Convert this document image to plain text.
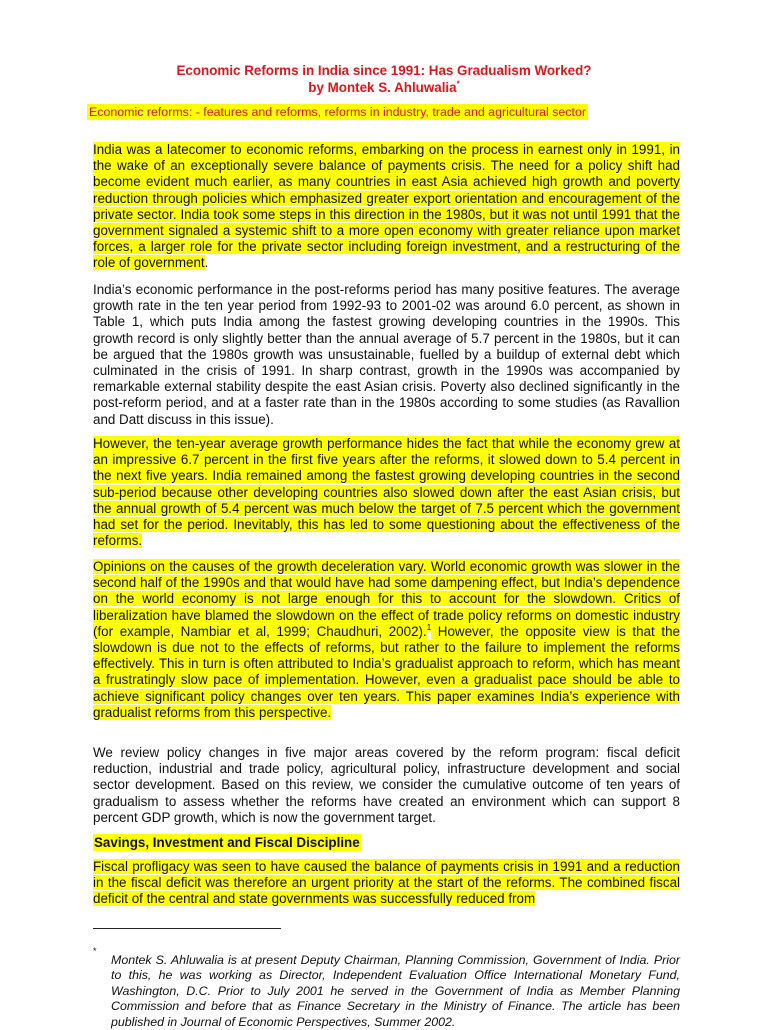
Economic Reforms in India since 1991: Has Gradualism Worked?
by Montek S. Ahluwalia*
Economic reforms: - features and reforms, reforms in industry, trade and agricultural sector

India was a latecomer to economic reforms, embarking on the process in earnest only in 1991, in the wake of an exceptionally severe balance of payments crisis. The need for a policy shift had become evident much earlier, as many countries in east Asia achieved high growth and poverty reduction through policies which emphasized greater export orientation and encouragement of the private sector. India took some steps in this direction in the 1980s, but it was not until 1991 that the government signaled a systemic shift to a more open economy with greater reliance upon market forces, a larger role for the private sector including foreign investment, and a restructuring of the role of government.

India’s economic performance in the post-reforms period has many positive features. The average growth rate in the ten year period from 1992-93 to 2001-02 was around 6.0 percent, as shown in Table 1, which puts India among the fastest growing developing countries in the 1990s. This growth record is only slightly better than the annual average of 5.7 percent in the 1980s, but it can be argued that the 1980s growth was unsustainable, fuelled by a buildup of external debt which culminated in the crisis of 1991. In sharp contrast, growth in the 1990s was accompanied by remarkable external stability despite the east Asian crisis. Poverty also declined significantly in the post-reform period, and at a faster rate than in the 1980s according to some studies (as Ravallion and Datt discuss in this issue).

However, the ten-year average growth performance hides the fact that while the economy grew at an impressive 6.7 percent in the first five years after the reforms, it slowed down to 5.4 percent in the next five years. India remained among the fastest growing developing countries in the second sub-period because other developing countries also slowed down after the east Asian crisis, but the annual growth of 5.4 percent was much below the target of 7.5 percent which the government had set for the period. Inevitably, this has led to some questioning about the effectiveness of the reforms.

Opinions on the causes of the growth deceleration vary. World economic growth was slower in the second half of the 1990s and that would have had some dampening effect, but India’s dependence on the world economy is not large enough for this to account for the slowdown. Critics of liberalization have blamed the slowdown on the effect of trade policy reforms on domestic industry (for example, Nambiar et al, 1999; Chaudhuri, 2002).$^1$ However, the opposite view is that the slowdown is due not to the effects of reforms, but rather to the failure to implement the reforms effectively. This in turn is often attributed to India’s gradualist approach to reform, which has meant a frustratingly slow pace of implementation. However, even a gradualist pace should be able to achieve significant policy changes over ten years. This paper examines India’s experience with gradualist reforms from this perspective.

We review policy changes in five major areas covered by the reform program: fiscal deficit reduction, industrial and trade policy, agricultural policy, infrastructure development and social sector development. Based on this review, we consider the cumulative outcome of ten years of gradualism to assess whether the reforms have created an environment which can support 8 percent GDP growth, which is now the government target.

Savings, Investment and Fiscal Discipline

Fiscal profligacy was seen to have caused the balance of payments crisis in 1991 and a reduction in the fiscal deficit was therefore an urgent priority at the start of the reforms. The combined fiscal deficit of the central and state governments was successfully reduced from

*

Montek S. Ahluwalia is at present Deputy Chairman, Planning Commission, Government of India. Prior to this, he was working as Director, Independent Evaluation Office International Monetary Fund, Washington, D.C. Prior to July 2001 he served in the Government of India as Member Planning Commission and before that as Finance Secretary in the Ministry of Finance. The article has been published in Journal of Economic Perspectives, Summer 2002.
